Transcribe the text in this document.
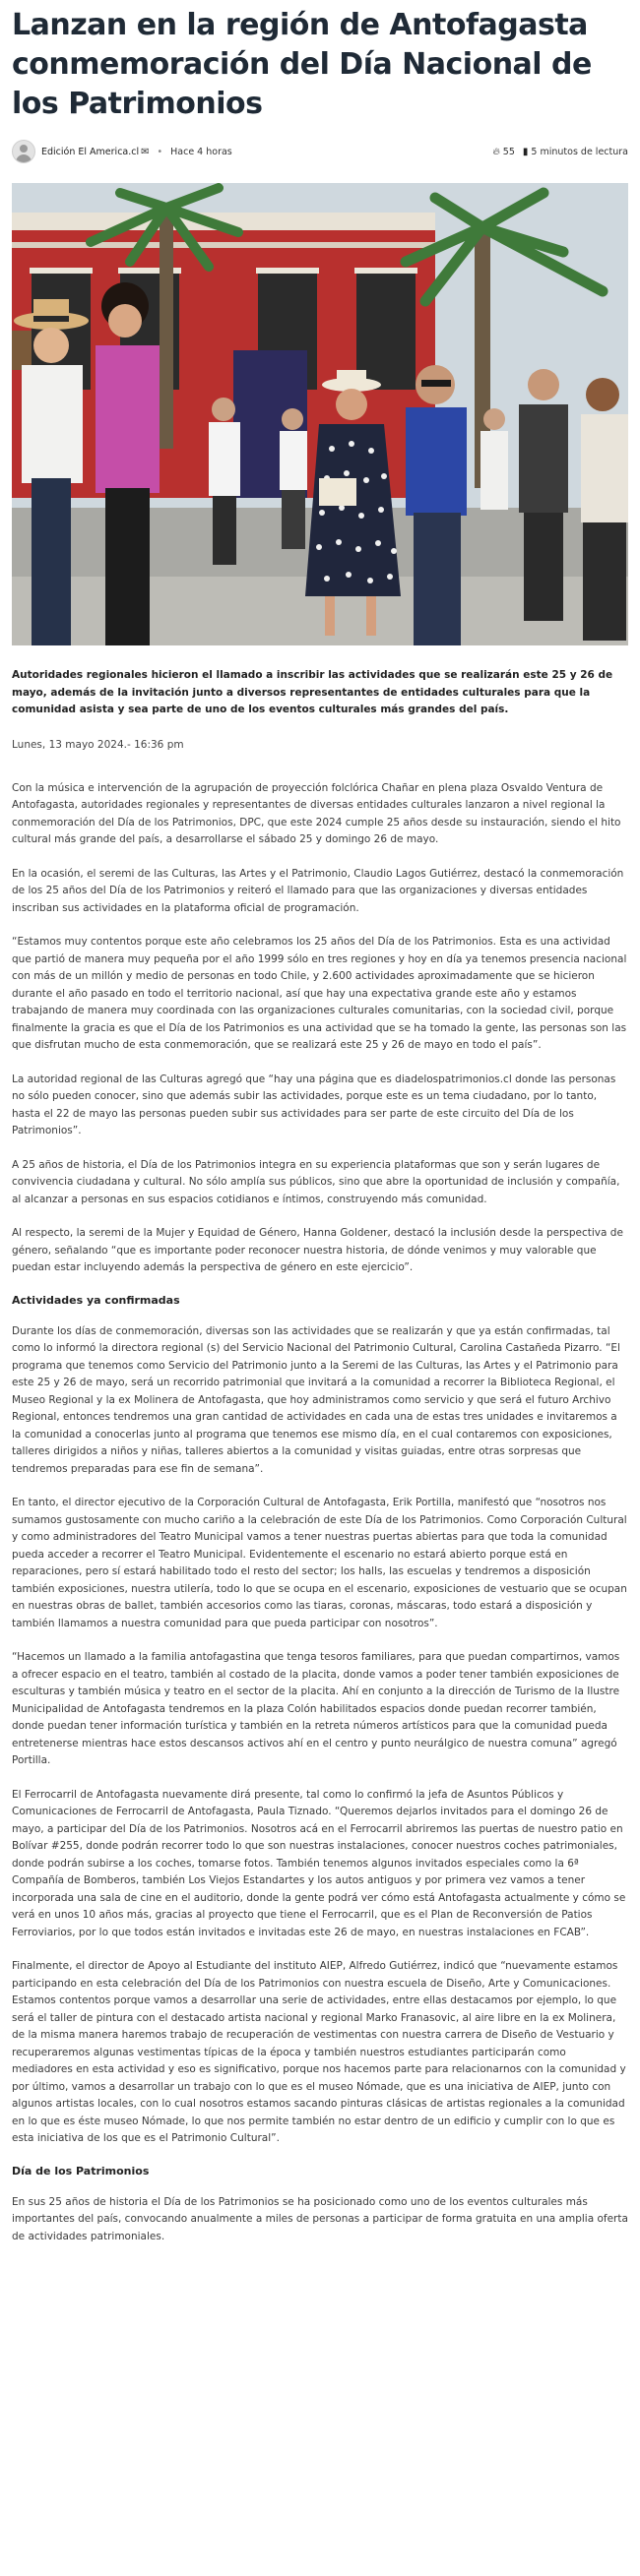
Lanzan en la región de Antofagasta conmemoración del Día Nacional de los Patrimonios
Edición El America.cl ✉ • Hace 4 horas	🔥︎ 55 ▮ 5 minutos de lectura

Autoridades regionales hicieron el llamado a inscribir las actividades que se realizarán este 25 y 26 de mayo, además de la invitación junto a diversos representantes de entidades culturales para que la comunidad asista y sea parte de uno de los eventos culturales más grandes del país.

Lunes, 13 mayo 2024.- 16:36 pm

Con la música e intervención de la agrupación de proyección folclórica Chañar en plena plaza Osvaldo Ventura de Antofagasta, autoridades regionales y representantes de diversas entidades culturales lanzaron a nivel regional la conmemoración del Día de los Patrimonios, DPC, que este 2024 cumple 25 años desde su instauración, siendo el hito cultural más grande del país, a desarrollarse el sábado 25 y domingo 26 de mayo.

En la ocasión, el seremi de las Culturas, las Artes y el Patrimonio, Claudio Lagos Gutiérrez, destacó la conmemoración de los 25 años del Día de los Patrimonios y reiteró el llamado para que las organizaciones y diversas entidades inscriban sus actividades en la plataforma oficial de programación.

“Estamos muy contentos porque este año celebramos los 25 años del Día de los Patrimonios. Esta es una actividad que partió de manera muy pequeña por el año 1999 sólo en tres regiones y hoy en día ya tenemos presencia nacional con más de un millón y medio de personas en todo Chile, y 2.600 actividades aproximadamente que se hicieron durante el año pasado en todo el territorio nacional, así que hay una expectativa grande este año y estamos trabajando de manera muy coordinada con las organizaciones culturales comunitarias, con la sociedad civil, porque finalmente la gracia es que el Día de los Patrimonios es una actividad que se ha tomado la gente, las personas son las que disfrutan mucho de esta conmemoración, que se realizará este 25 y 26 de mayo en todo el país”.

La autoridad regional de las Culturas agregó que “hay una página que es diadelospatrimonios.cl donde las personas no sólo pueden conocer, sino que además subir las actividades, porque este es un tema ciudadano, por lo tanto, hasta el 22 de mayo las personas pueden subir sus actividades para ser parte de este circuito del Día de los Patrimonios”.

A 25 años de historia, el Día de los Patrimonios integra en su experiencia plataformas que son y serán lugares de convivencia ciudadana y cultural. No sólo amplía sus públicos, sino que abre la oportunidad de inclusión y compañía, al alcanzar a personas en sus espacios cotidianos e íntimos, construyendo más comunidad.

Al respecto, la seremi de la Mujer y Equidad de Género, Hanna Goldener, destacó la inclusión desde la perspectiva de género, señalando “que es importante poder reconocer nuestra historia, de dónde venimos y muy valorable que puedan estar incluyendo además la perspectiva de género en este ejercicio”.

Actividades ya confirmadas

Durante los días de conmemoración, diversas son las actividades que se realizarán y que ya están confirmadas, tal como lo informó la directora regional (s) del Servicio Nacional del Patrimonio Cultural, Carolina Castañeda Pizarro. “El programa que tenemos como Servicio del Patrimonio junto a la Seremi de las Culturas, las Artes y el Patrimonio para este 25 y 26 de mayo, será un recorrido patrimonial que invitará a la comunidad a recorrer la Biblioteca Regional, el Museo Regional y la ex Molinera de Antofagasta, que hoy administramos como servicio y que será el futuro Archivo Regional, entonces tendremos una gran cantidad de actividades en cada una de estas tres unidades e invitaremos a la comunidad a conocerlas junto al programa que tenemos ese mismo día, en el cual contaremos con exposiciones, talleres dirigidos a niños y niñas, talleres abiertos a la comunidad y visitas guiadas, entre otras sorpresas que tendremos preparadas para ese fin de semana”.

En tanto, el director ejecutivo de la Corporación Cultural de Antofagasta, Erik Portilla, manifestó que “nosotros nos sumamos gustosamente con mucho cariño a la celebración de este Día de los Patrimonios. Como Corporación Cultural y como administradores del Teatro Municipal vamos a tener nuestras puertas abiertas para que toda la comunidad pueda acceder a recorrer el Teatro Municipal. Evidentemente el escenario no estará abierto porque está en reparaciones, pero sí estará habilitado todo el resto del sector; los halls, las escuelas y tendremos a disposición también exposiciones, nuestra utilería, todo lo que se ocupa en el escenario, exposiciones de vestuario que se ocupan en nuestras obras de ballet, también accesorios como las tiaras, coronas, máscaras, todo estará a disposición y también llamamos a nuestra comunidad para que pueda participar con nosotros”.

“Hacemos un llamado a la familia antofagastina que tenga tesoros familiares, para que puedan compartirnos, vamos a ofrecer espacio en el teatro, también al costado de la placita, donde vamos a poder tener también exposiciones de esculturas y también música y teatro en el sector de la placita. Ahí en conjunto a la dirección de Turismo de la Ilustre Municipalidad de Antofagasta tendremos en la plaza Colón habilitados espacios donde puedan recorrer también, donde puedan tener información turística y también en la retreta números artísticos para que la comunidad pueda entretenerse mientras hace estos descansos activos ahí en el centro y punto neurálgico de nuestra comuna” agregó Portilla.

El Ferrocarril de Antofagasta nuevamente dirá presente, tal como lo confirmó la jefa de Asuntos Públicos y Comunicaciones de Ferrocarril de Antofagasta, Paula Tiznado. “Queremos dejarlos invitados para el domingo 26 de mayo, a participar del Día de los Patrimonios. Nosotros acá en el Ferrocarril abriremos las puertas de nuestro patio en Bolívar #255, donde podrán recorrer todo lo que son nuestras instalaciones, conocer nuestros coches patrimoniales, donde podrán subirse a los coches, tomarse fotos. También tenemos algunos invitados especiales como la 6ª Compañía de Bomberos, también Los Viejos Estandartes y los autos antiguos y por primera vez vamos a tener incorporada una sala de cine en el auditorio, donde la gente podrá ver cómo está Antofagasta actualmente y cómo se verá en unos 10 años más, gracias al proyecto que tiene el Ferrocarril, que es el Plan de Reconversión de Patios Ferroviarios, por lo que todos están invitados e invitadas este 26 de mayo, en nuestras instalaciones en FCAB”.

Finalmente, el director de Apoyo al Estudiante del instituto AIEP, Alfredo Gutiérrez, indicó que “nuevamente estamos participando en esta celebración del Día de los Patrimonios con nuestra escuela de Diseño, Arte y Comunicaciones. Estamos contentos porque vamos a desarrollar una serie de actividades, entre ellas destacamos por ejemplo, lo que será el taller de pintura con el destacado artista nacional y regional Marko Franasovic, al aire libre en la ex Molinera, de la misma manera haremos trabajo de recuperación de vestimentas con nuestra carrera de Diseño de Vestuario y recuperaremos algunas vestimentas típicas de la época y también nuestros estudiantes participarán como mediadores en esta actividad y eso es significativo, porque nos hacemos parte para relacionarnos con la comunidad y por último, vamos a desarrollar un trabajo con lo que es el museo Nómade, que es una iniciativa de AIEP, junto con algunos artistas locales, con lo cual nosotros estamos sacando pinturas clásicas de artistas regionales a la comunidad en lo que es éste museo Nómade, lo que nos permite también no estar dentro de un edificio y cumplir con lo que es esta iniciativa de los que es el Patrimonio Cultural”.

Día de los Patrimonios

En sus 25 años de historia el Día de los Patrimonios se ha posicionado como uno de los eventos culturales más importantes del país, convocando anualmente a miles de personas a participar de forma gratuita en una amplia oferta de actividades patrimoniales.
